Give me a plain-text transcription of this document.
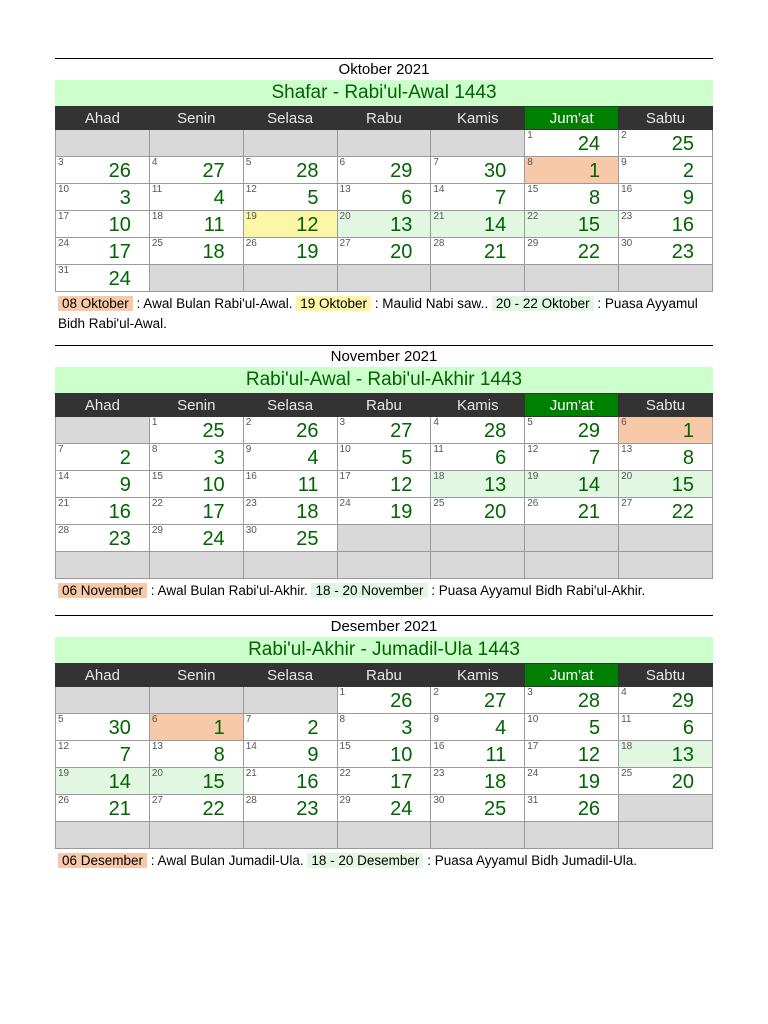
Oktober 2021
Shafar - Rabi'ul-Awal 1443
Ahad	Senin	Selasa	Rabu	Kamis	Jum'at	Sabtu

					1 24	2 25

3 26	4 27	5 28	6 29	7 30	8 1	9 2

10 3	11 4	12 5	13 6	14 7	15 8	16 9

17 10	18 11	19 12	20 13	21 14	22 15	23 16

24 17	25 18	26 19	27 20	28 21	29 22	30 23

31 24						

08 Oktober : Awal Bulan Rabi'ul-Awal. 19 Oktober : Maulid Nabi saw.. 20 - 22 Oktober : Puasa Ayyamul Bidh Rabi'ul-Awal.
November 2021
Rabi'ul-Awal - Rabi'ul-Akhir 1443
Ahad	Senin	Selasa	Rabu	Kamis	Jum'at	Sabtu

	1 25	2 26	3 27	4 28	5 29	6 1

7 2	8 3	9 4	10 5	11 6	12 7	13 8

14 9	15 10	16 11	17 12	18 13	19 14	20 15

21 16	22 17	23 18	24 19	25 20	26 21	27 22

28 23	29 24	30 25				

06 November : Awal Bulan Rabi'ul-Akhir. 18 - 20 November : Puasa Ayyamul Bidh Rabi'ul-Akhir.
Desember 2021
Rabi'ul-Akhir - Jumadil-Ula 1443
Ahad	Senin	Selasa	Rabu	Kamis	Jum'at	Sabtu

			1 26	2 27	3 28	4 29

5 30	6 1	7 2	8 3	9 4	10 5	11 6

12 7	13 8	14 9	15 10	16 11	17 12	18 13

19 14	20 15	21 16	22 17	23 18	24 19	25 20

26 21	27 22	28 23	29 24	30 25	31 26	

06 Desember : Awal Bulan Jumadil-Ula. 18 - 20 Desember : Puasa Ayyamul Bidh Jumadil-Ula.
